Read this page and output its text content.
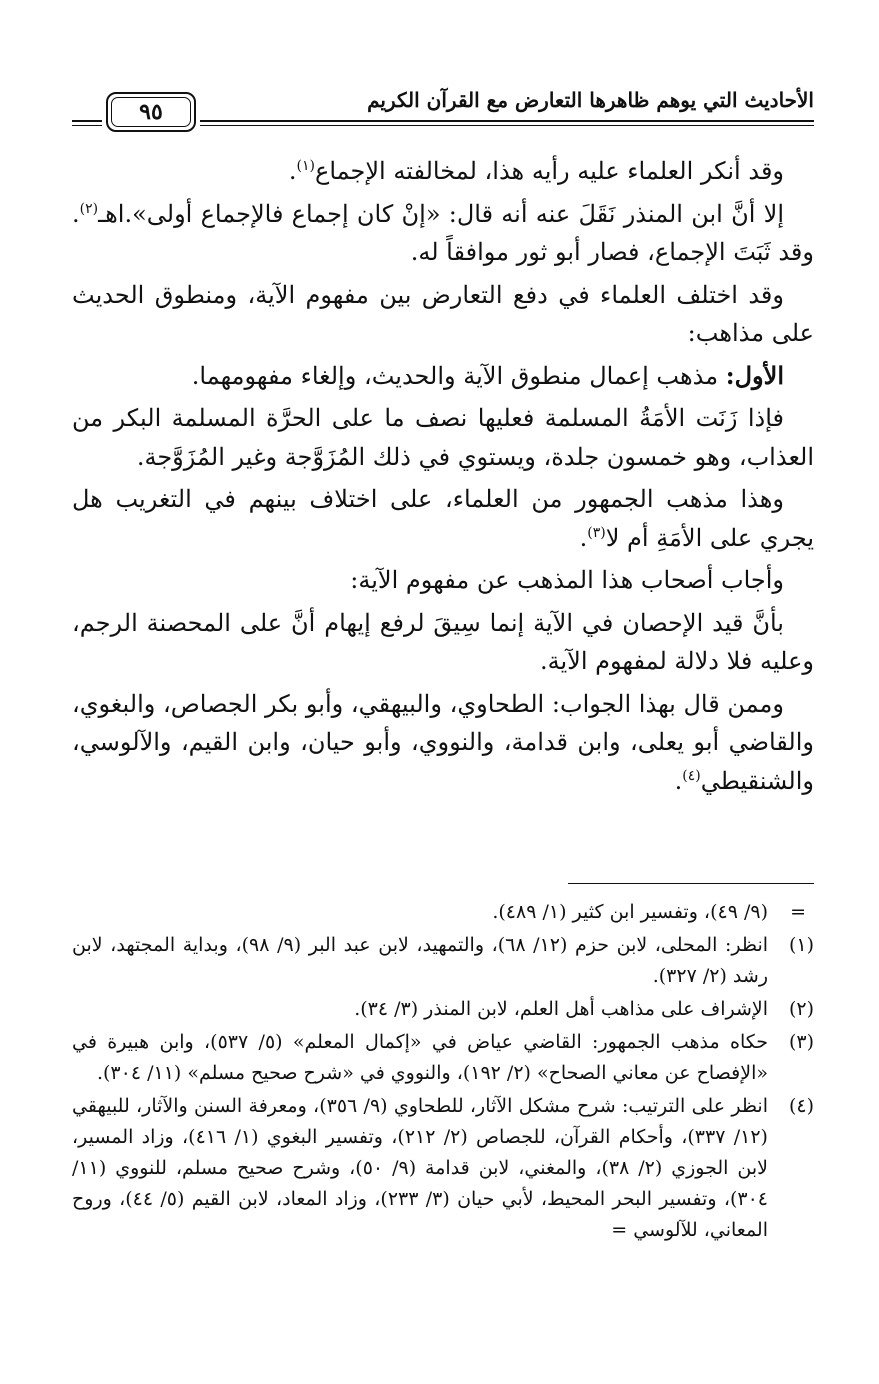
الأحاديث التي يوهم ظاهرها التعارض مع القرآن الكريم
٩٥

وقد أنكر العلماء عليه رأيه هذا، لمخالفته الإجماع$^{(١)}$.

إلا أنَّ ابن المنذر نَقَلَ عنه أنه قال: «إنْ كان إجماع فالإجماع أولى».اهـ$^{(٢)}$. وقد ثَبَتَ الإجماع، فصار أبو ثور موافقاً له.

وقد اختلف العلماء في دفع التعارض بين مفهوم الآية، ومنطوق الحديث على مذاهب:

الأول: مذهب إعمال منطوق الآية والحديث، وإلغاء مفهومهما.

فإذا زَنَت الأمَةُ المسلمة فعليها نصف ما على الحرَّة المسلمة البكر من العذاب، وهو خمسون جلدة، ويستوي في ذلك المُزَوَّجة وغير المُزَوَّجة.

وهذا مذهب الجمهور من العلماء، على اختلاف بينهم في التغريب هل يجري على الأمَةِ أم لا$^{(٣)}$.

وأجاب أصحاب هذا المذهب عن مفهوم الآية:

بأنَّ قيد الإحصان في الآية إنما سِيقَ لرفع إيهام أنَّ على المحصنة الرجم، وعليه فلا دلالة لمفهوم الآية.

وممن قال بهذا الجواب: الطحاوي، والبيهقي، وأبو بكر الجصاص، والبغوي، والقاضي أبو يعلى، وابن قدامة، والنووي، وأبو حيان، وابن القيم، والآلوسي، والشنقيطي$^{(٤)}$.

=
(٩/ ٤٩)، وتفسير ابن كثير (١/ ٤٨٩).
(١)
انظر: المحلى، لابن حزم (١٢/ ٦٨)، والتمهيد، لابن عبد البر (٩/ ٩٨)، وبداية المجتهد، لابن رشد (٢/ ٣٢٧).
(٢)
الإشراف على مذاهب أهل العلم، لابن المنذر (٣/ ٣٤).
(٣)
حكاه مذهب الجمهور: القاضي عياض في «إكمال المعلم» (٥/ ٥٣٧)، وابن هبيرة في «الإفصاح عن معاني الصحاح» (٢/ ١٩٢)، والنووي في «شرح صحيح مسلم» (١١/ ٣٠٤).
(٤)
انظر على الترتيب: شرح مشكل الآثار، للطحاوي (٩/ ٣٥٦)، ومعرفة السنن والآثار، للبيهقي (١٢/ ٣٣٧)، وأحكام القرآن، للجصاص (٢/ ٢١٢)، وتفسير البغوي (١/ ٤١٦)، وزاد المسير، لابن الجوزي (٢/ ٣٨)، والمغني، لابن قدامة (٩/ ٥٠)، وشرح صحيح مسلم، للنووي (١١/ ٣٠٤)، وتفسير البحر المحيط، لأبي حيان (٣/ ٢٣٣)، وزاد المعاد، لابن القيم (٥/ ٤٤)، وروح المعاني، للآلوسي =
